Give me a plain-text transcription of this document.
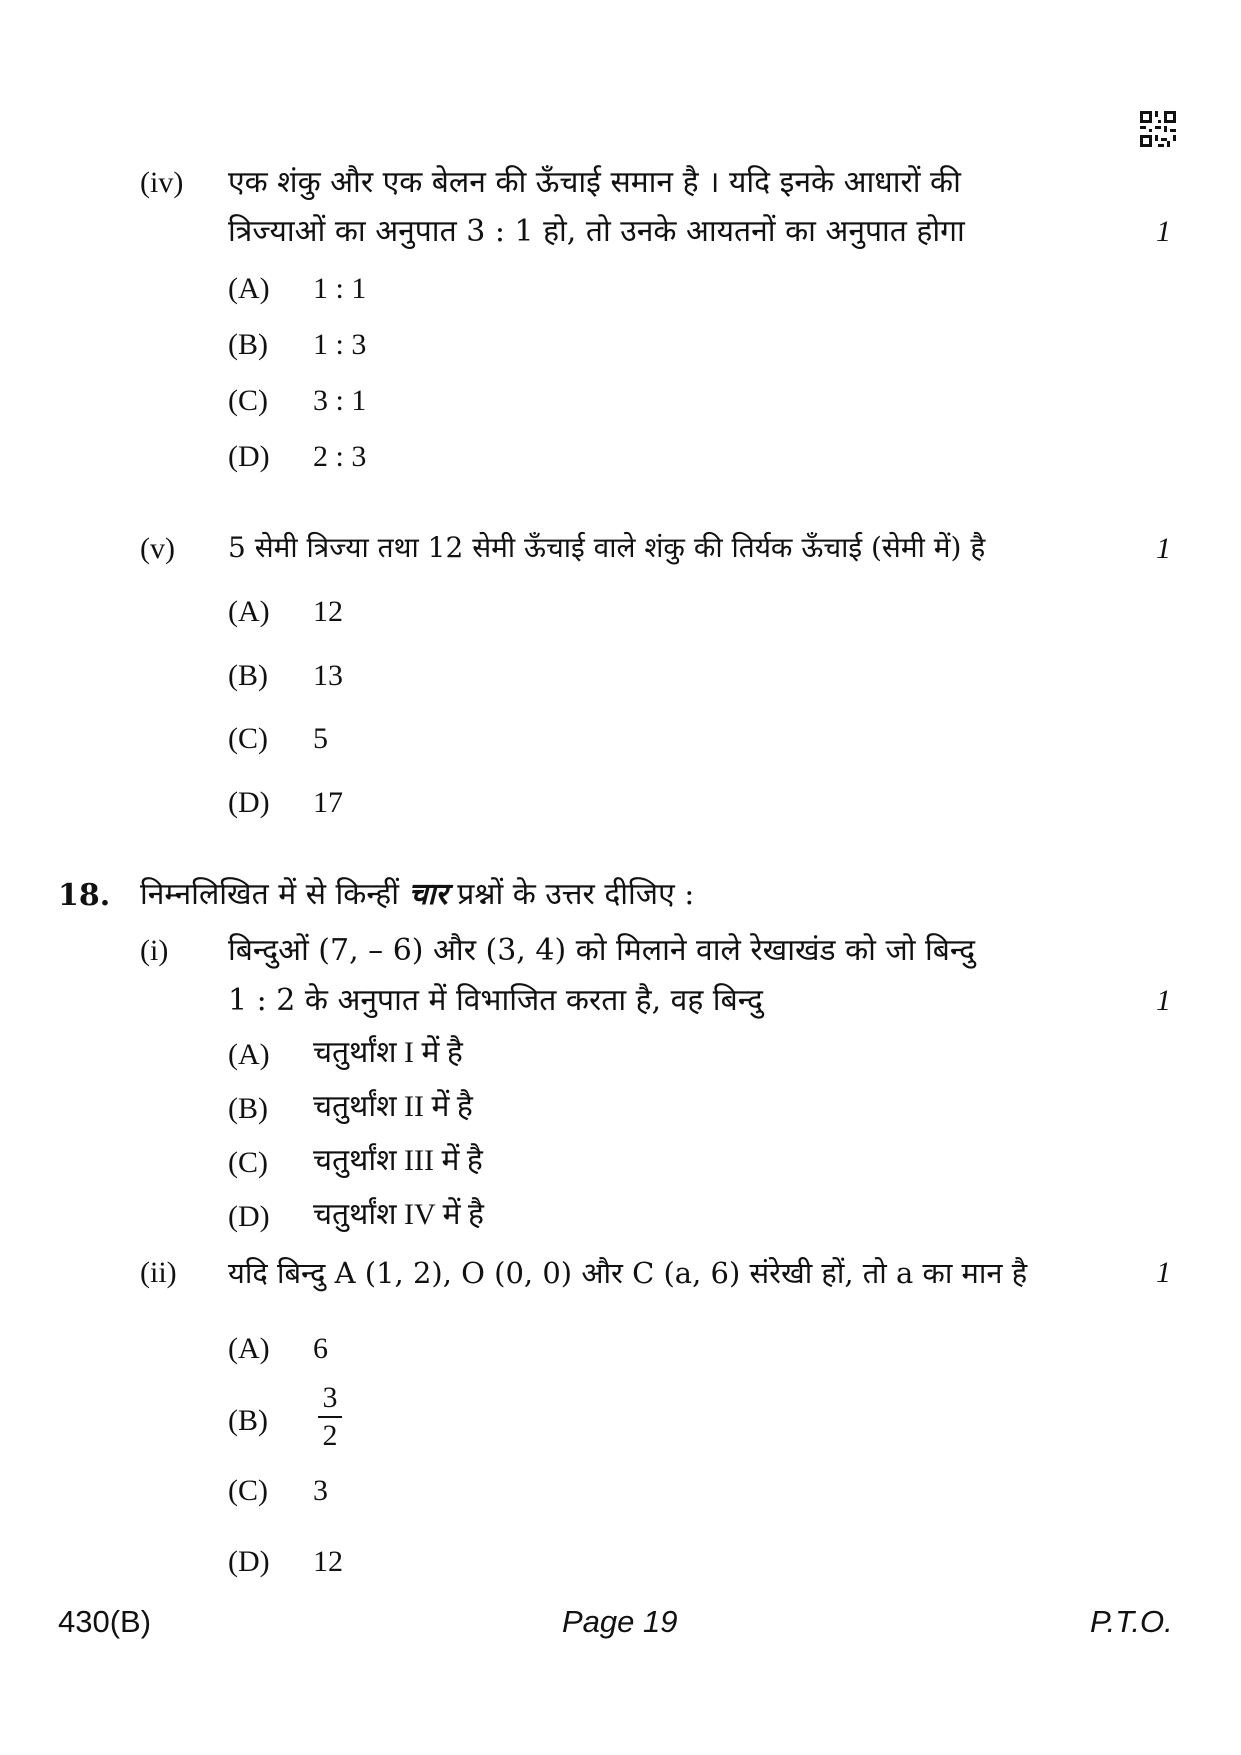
(iv) एक शंकु और एक बेलन की ऊँचाई समान है । यदि इनके आधारों की
त्रिज्याओं का अनुपात 3 : 1 हो, तो उनके आयतनों का अनुपात होगा	1
(A) 1 : 1
(B) 1 : 3
(C) 3 : 1
(D) 2 : 3
(v) 5 सेमी त्रिज्या तथा 12 सेमी ऊँचाई वाले शंकु की तिर्यक ऊँचाई (सेमी में) है	1
(A) 12
(B) 13
(C) 5
(D) 17
18. निम्नलिखित में से किन्हीं चार प्रश्नों के उत्तर दीजिए :
(i) बिन्दुओं (7, – 6) और (3, 4) को मिलाने वाले रेखाखंड को जो बिन्दु
1 : 2 के अनुपात में विभाजित करता है, वह बिन्दु	1
(A) चतुर्थांश I में है
(B) चतुर्थांश II में है
(C) चतुर्थांश III में है
(D) चतुर्थांश IV में है
(ii) यदि बिन्दु A (1, 2), O (0, 0) और C (a, 6) संरेखी हों, तो a का मान है	1
(A) 6
(B)
3
2
(C) 3
(D) 12
430(B)	Page 19	P.T.O.
